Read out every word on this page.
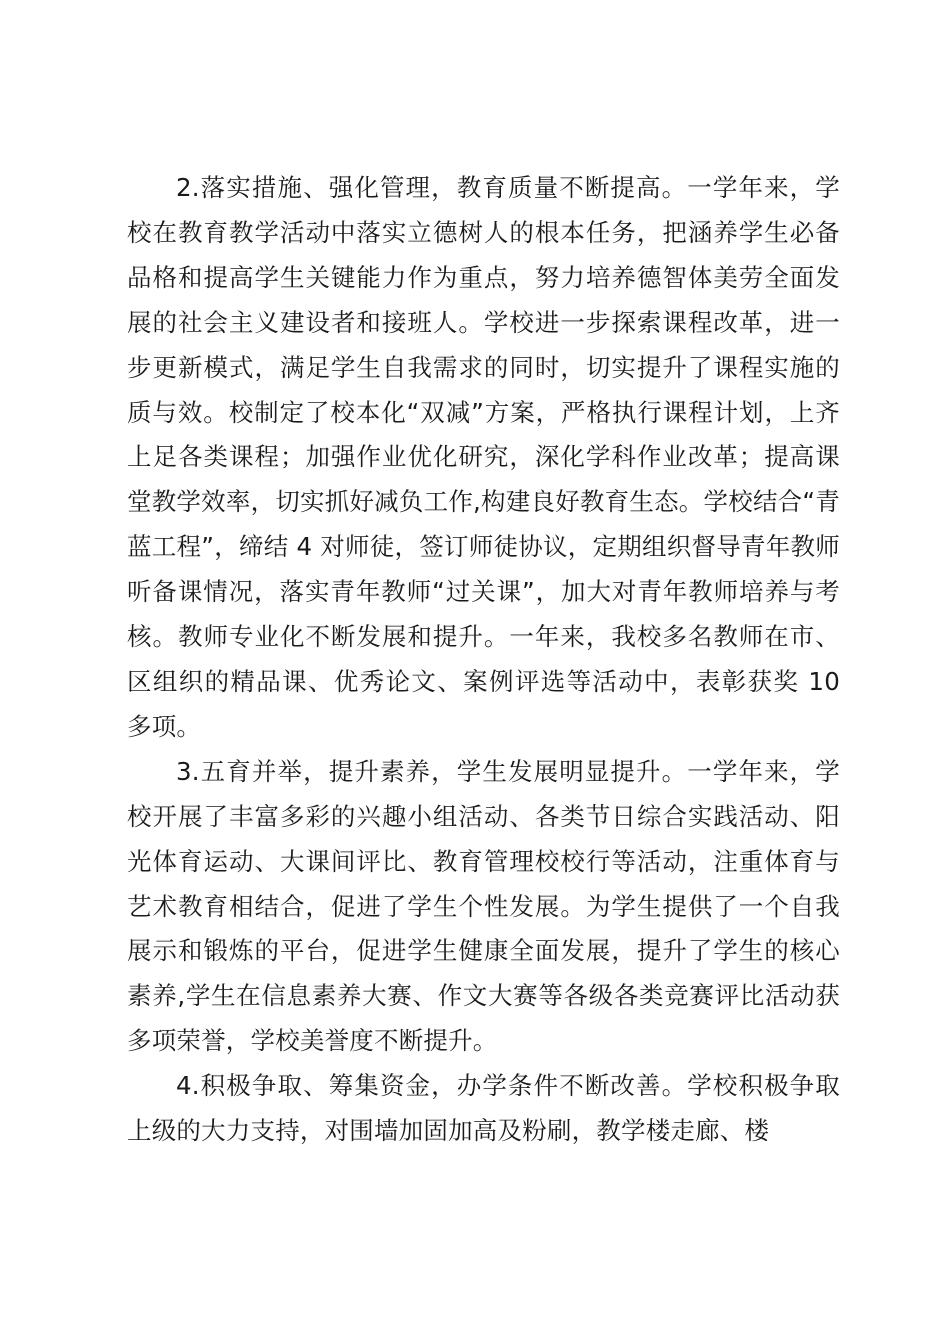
2.落实措施、强化管理，教育质量不断提高。一学年来，学校在教育教学活动中落实立德树人的根本任务，把涵养学生必备品格和提高学生关键能力作为重点，努力培养德智体美劳全面发展的社会主义建设者和接班人。学校进一步探索课程改革，进一步更新模式，满足学生自我需求的同时，切实提升了课程实施的质与效。校制定了校本化“双减”方案，严格执行课程计划，上齐上足各类课程；加强作业优化研究，深化学科作业改革；提高课堂教学效率，切实抓好减负工作,构建良好教育生态。学校结合“青蓝工程”，缔结 4 对师徒，签订师徒协议，定期组织督导青年教师听备课情况，落实青年教师“过关课”，加大对青年教师培养与考核。教师专业化不断发展和提升。一年来，我校多名教师在市、区组织的精品课、优秀论文、案例评选等活动中，表彰获奖 10 多项。

3.五育并举，提升素养，学生发展明显提升。一学年来，学校开展了丰富多彩的兴趣小组活动、各类节日综合实践活动、阳光体育运动、大课间评比、教育管理校校行等活动，注重体育与艺术教育相结合，促进了学生个性发展。为学生提供了一个自我展示和锻炼的平台，促进学生健康全面发展，提升了学生的核心素养,学生在信息素养大赛、作文大赛等各级各类竞赛评比活动获多项荣誉，学校美誉度不断提升。

4.积极争取、筹集资金，办学条件不断改善。学校积极争取上级的大力支持，对围墙加固加高及粉刷，教学楼走廊、楼
